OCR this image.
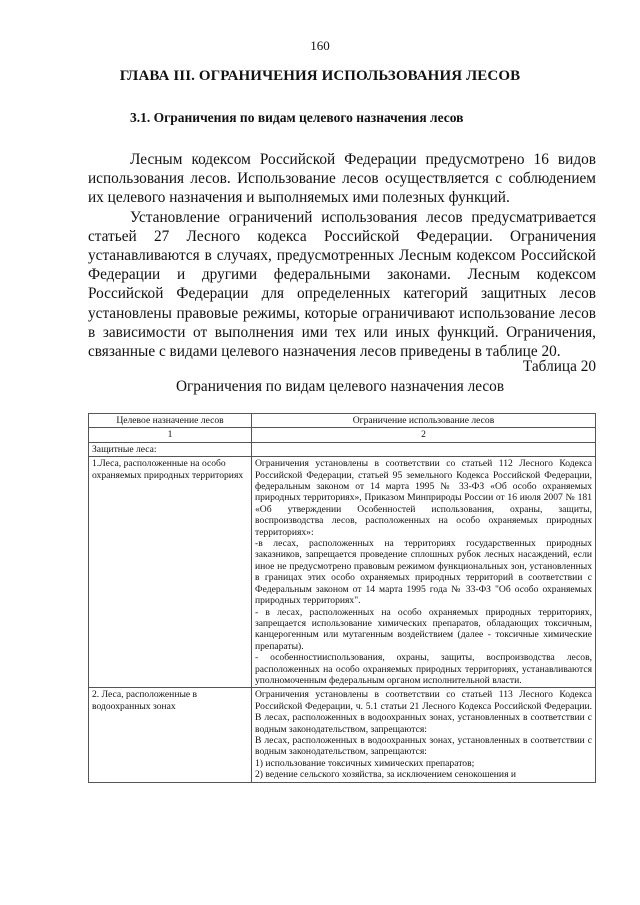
160
ГЛАВА III. ОГРАНИЧЕНИЯ ИСПОЛЬЗОВАНИЯ ЛЕСОВ
3.1. Ограничения по видам целевого назначения лесов

Лесным кодексом Российской Федерации предусмотрено 16 видов использования лесов. Использование лесов осуществляется с соблюдением их целевого назначения и выполняемых ими полезных функций.

Установление ограничений использования лесов предусматривается статьей 27 Лесного кодекса Российской Федерации. Ограничения устанавливаются в случаях, предусмотренных Лесным кодексом Российской Федерации и другими федеральными законами. Лесным кодексом Российской Федерации для определенных категорий защитных лесов установлены правовые режимы, которые ограничивают использование лесов в зависимости от выполнения ими тех или иных функций. Ограничения, связанные с видами целевого назначения лесов приведены в таблице 20.

Таблица 20
Ограничения по видам целевого назначения лесов
Целевое назначение лесов	Ограничение использование лесов
1	2
Защитные леса:	
1.Леса, расположенные на особо охраняемых природных территориях	Ограничения установлены в соответствии со статьей 112 Лесного Кодекса Российской Федерации, статьей 95 земельного Кодекса Российской Федерации, федеральным законом от 14 марта 1995 № 33-ФЗ «Об особо охраняемых природных территориях», Приказом Минприроды России от 16 июля 2007 № 181 «Об утверждении Особенностей использования, охраны, защиты, воспроизводства лесов, расположенных на особо охраняемых природных территориях»:
-в лесах, расположенных на территориях государственных природных заказников, запрещается проведение сплошных рубок лесных насаждений, если иное не предусмотрено правовым режимом функциональных зон, установленных в границах этих особо охраняемых природных территорий в соответствии с Федеральным законом от 14 марта 1995 года № 33-ФЗ "Об особо охраняемых природных территориях".
- в лесах, расположенных на особо охраняемых природных территориях, запрещается использование химических препаратов, обладающих токсичным, канцерогенным или мутагенным воздействием (далее - токсичные химические препараты).
- особенностииспользования, охраны, защиты, воспроизводства лесов, расположенных на особо охраняемых природных территориях, устанавливаются уполномоченным федеральным органом исполнительной власти.

2. Леса, расположенные в водоохранных зонах	Ограничения установлены в соответствии со статьей 113 Лесного Кодекса Российской Федерации, ч. 5.1 статьи 21 Лесного Кодекса Российской Федерации. В лесах, расположенных в водоохранных зонах, установленных в соответствии с водным законодательством, запрещаются:
В лесах, расположенных в водоохранных зонах, установленных в соответствии с водным законодательством, запрещаются:
1) использование токсичных химических препаратов;
2) ведение сельского хозяйства, за исключением сенокошения и
